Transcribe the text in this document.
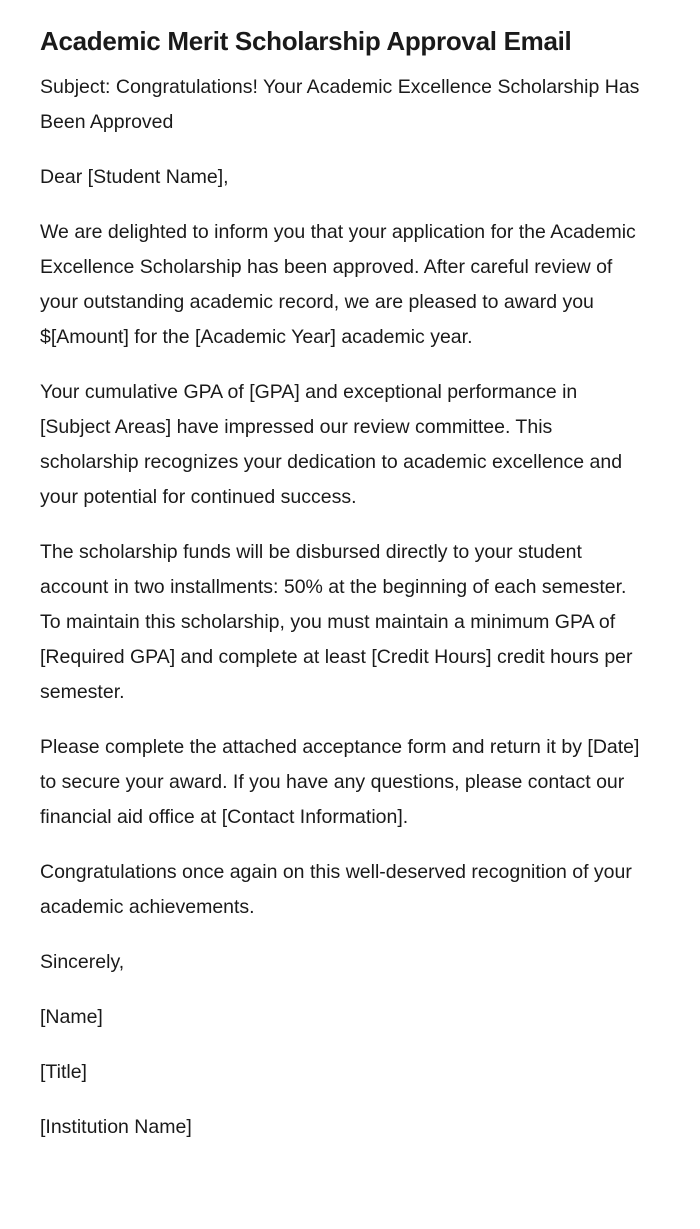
Academic Merit Scholarship Approval Email

Subject: Congratulations! Your Academic Excellence Scholarship Has Been Approved

Dear [Student Name],

We are delighted to inform you that your application for the Academic Excellence Scholarship has been approved. After careful review of your outstanding academic record, we are pleased to award you $[Amount] for the [Academic Year] academic year.

Your cumulative GPA of [GPA] and exceptional performance in [Subject Areas] have impressed our review committee. This scholarship recognizes your dedication to academic excellence and your potential for continued success.

The scholarship funds will be disbursed directly to your student account in two installments: 50% at the beginning of each semester. To maintain this scholarship, you must maintain a minimum GPA of [Required GPA] and complete at least [Credit Hours] credit hours per semester.

Please complete the attached acceptance form and return it by [Date] to secure your award. If you have any questions, please contact our financial aid office at [Contact Information].

Congratulations once again on this well-deserved recognition of your academic achievements.

Sincerely,

[Name]

[Title]

[Institution Name]
